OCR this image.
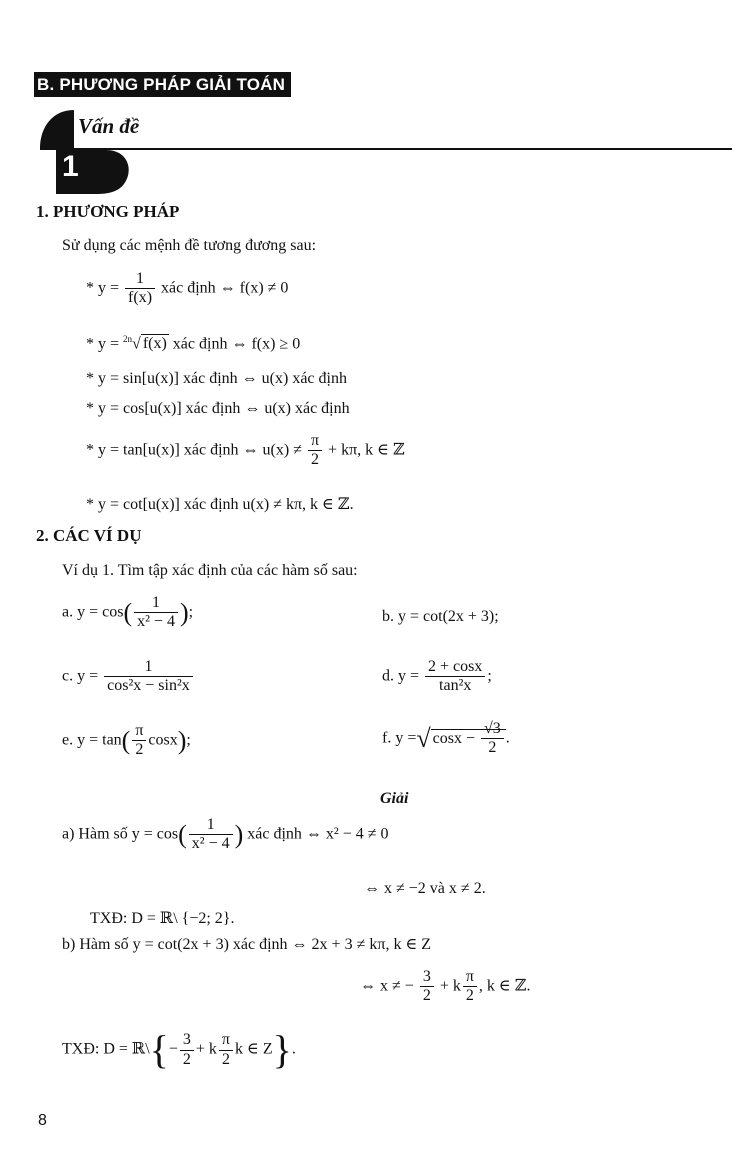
B. PHƯƠNG PHÁP GIẢI TOÁN
Vấn đề
1
1. PHƯƠNG PHÁP
Sử dụng các mệnh đề tương đương sau:
* $y = \frac{1}{f(x)}$ xác định ⇔ f(x) ≠ 0
* y = $^{2n}$√ f(x) xác định ⇔ f(x) ≥ 0
* y = sin[u(x)] xác định ⇔ u(x) xác định
* y = cos[u(x)] xác định ⇔ u(x) xác định
* y = tan[u(x)] xác định ⇔ $u(x) \ne \frac{\pi}{2} + k\pi$, k ∈ ℤ
* y = cot[u(x)] xác định u(x) ≠ kπ, k ∈ ℤ.
2. CÁC VÍ DỤ
Ví dụ 1. Tìm tập xác định của các hàm số sau:
a. $y = \cos( \frac{1}{\text{x² − 4}}$ );	b. y = cot(2x + 3);
c. $y = \frac{1}{\text{cos²x − sin²x}}$	d. $y = \frac{2 + \cos x}{\text{tan²x}}$ ;
e. $y = \tan( \frac{\pi}{2} \cos x)$;	f. y =√ $\cos x - \frac{√3}{2}$ .
Giải
a) Hàm số $y = \cos( \frac{1}{\text{x² − 4}}$ ) xác định ⇔ x² − 4 ≠ 0
⇔ x ≠ −2 và x ≠ 2.
TXĐ: D = ℝ\ {−2; 2}.
b) Hàm số y = cot(2x + 3) xác định ⇔ 2x + 3 ≠ kπ, k ∈ Z
⇔ x ≠ − $\frac{3}{2} + k \frac{\pi}{2}$ , k ∈ ℤ.
TXĐ: D = ℝ\{− $\frac{3}{2} + k \frac{\pi}{2}$ k ∈ Z}.
8
